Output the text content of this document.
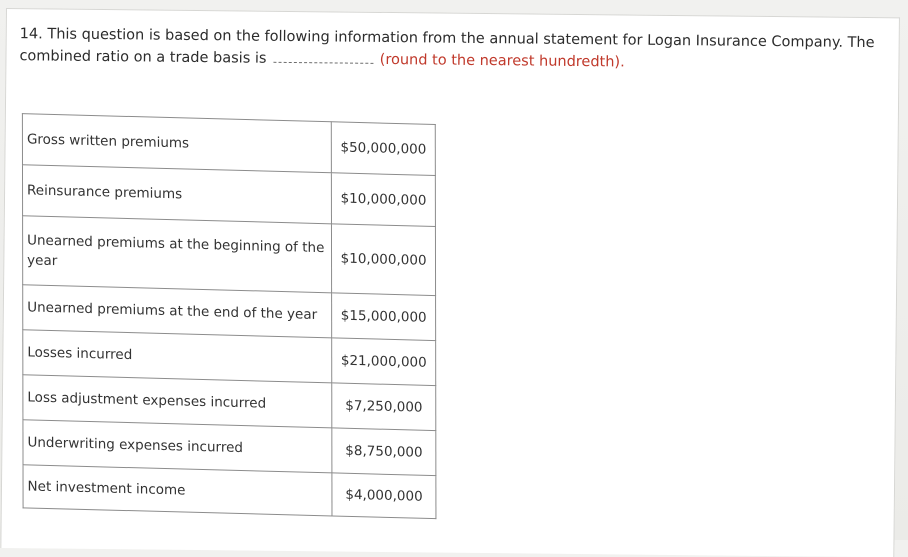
14. This question is based on the following information from the annual statement for Logan Insurance Company. The combined ratio on a trade basis is	(round to the nearest hundredth).
Gross written premiums	$50,000,000
Reinsurance premiums	$10,000,000
Unearned premiums at the beginning of the year	$10,000,000
Unearned premiums at the end of the year	$15,000,000
Losses incurred	$21,000,000
Loss adjustment expenses incurred	$7,250,000
Underwriting expenses incurred	$8,750,000
Net investment income	$4,000,000
